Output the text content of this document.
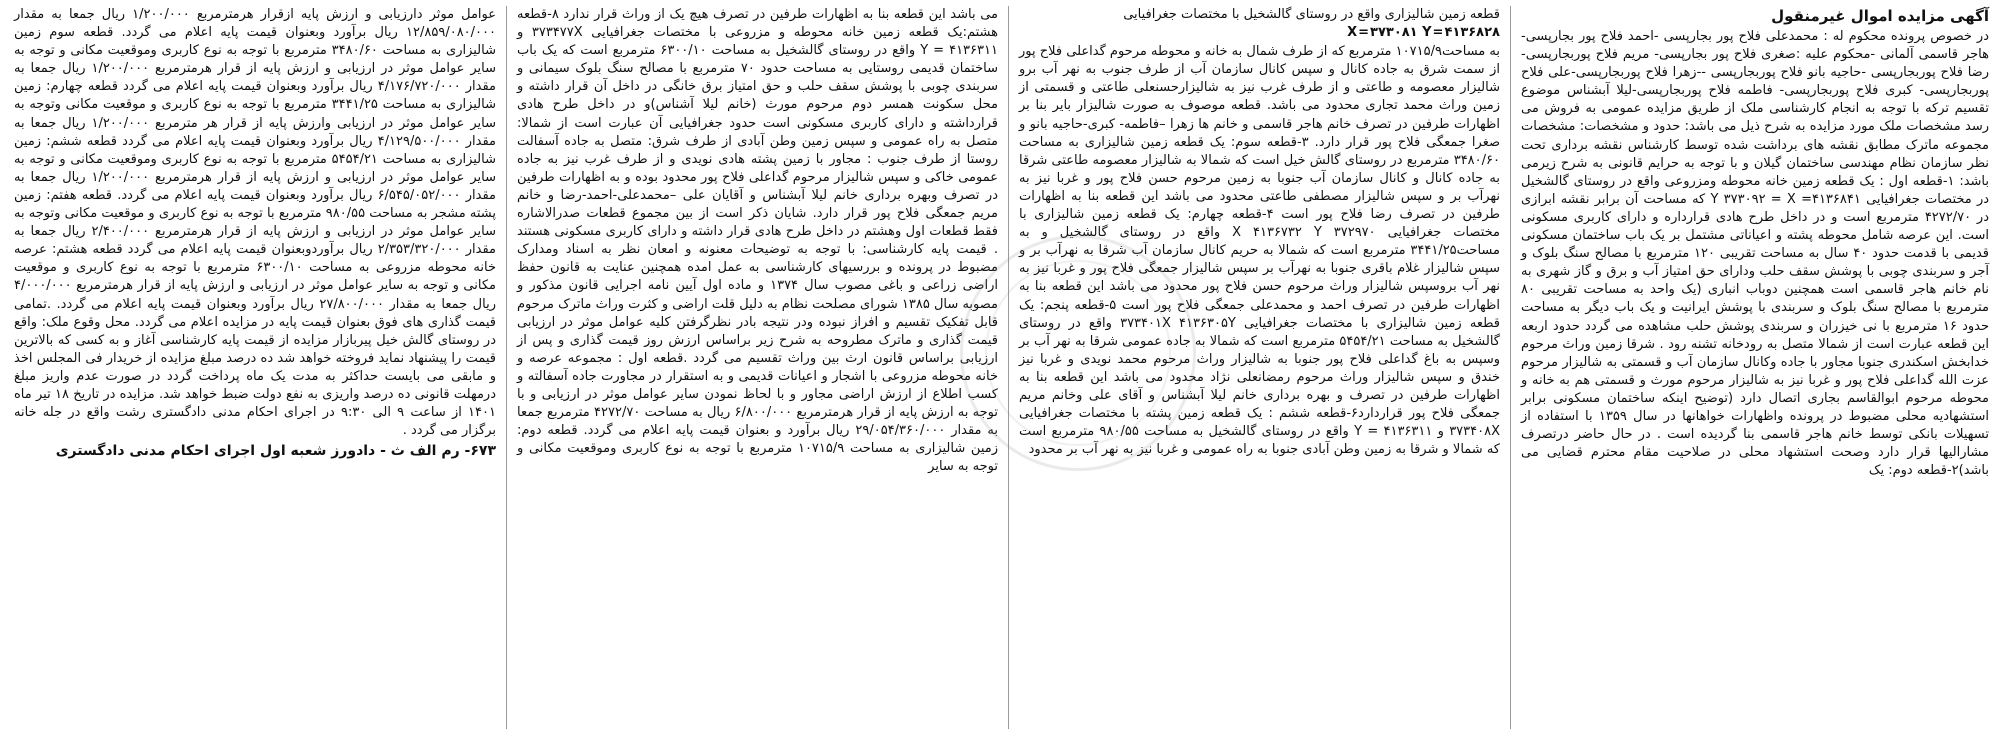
آگهی مزایده اموال غیرمنقول

در خصوص پرونده محکوم له : محمدعلی فلاح پور بجارپسی -احمد فلاح پور بجارپسی- هاجر قاسمی آلمانی -محکوم علیه :صغری فلاح پور بجارپسی- مریم فلاح پوربجارپسی-رضا فلاح پوربجارپسی -حاجیه بانو فلاح پوربجارپسی --زهرا فلاح پوربجارپسی-علی فلاح پوربجارپسی- کبری فلاح پوربجارپسی- فاطمه فلاح پوربجارپسی-لیلا آبشناس موضوع تقسیم ترکه با توجه به انجام کارشناسی ملک از طریق مزایده عمومی به فروش می رسد مشخصات ملک مورد مزایده به شرح ذیل می باشد: حدود و مشخصات: مشخصات مجموعه ماترک مطابق نقشه های برداشت شده توسط کارشناس نقشه برداری تحت نظر سازمان نظام مهندسی ساختمان گیلان و با توجه به حرایم قانونی به شرح زیرمی باشد: ۱-قطعه اول : یک قطعه زمین خانه محوطه ومزروعی واقع در روستای گالشخیل در مختصات جغرافیایی ۴۱۳۶۸۴۱= Y ۳۷۳۰۹۲ = X که مساحت آن برابر نقشه ابرازی در ۴۲۷۲/۷۰ مترمربع است و در داخل طرح هادی قرارداره و دارای کاربری مسکونی است. این عرصه شامل محوطه پشته و اعیاناتی مشتمل بر یک باب ساختمان مسکونی قدیمی با قدمت حدود ۴۰ سال به مساحت تقریبی ۱۲۰ مترمربع با مصالح سنگ بلوک و آجر و سربندی چوبی با پوشش سقف حلب ودارای حق امتیاز آب و برق و گاز شهری به نام خانم هاجر قاسمی است همچنین دوباب انباری (یک واحد به مساحت تقریبی ۸۰ مترمربع با مصالح سنگ بلوک و سربندی با پوشش ایرانیت و یک باب دیگر به مساحت حدود ۱۶ مترمربع با نی خیزران و سربندی پوشش حلب مشاهده می گردد حدود اربعه این قطعه عبارت است از شمالا متصل به رودخانه تشنه رود . شرقا زمین وراث مرحوم خدابخش اسکندری جنوبا مجاور با جاده وکانال سازمان آب و قسمتی به شالیزار مرحوم عزت الله گداعلی فلاح پور و غربا نیز به شالیزار مرحوم مورث و قسمتی هم به خانه و محوطه مرحوم ابوالقاسم بجاری اتصال دارد (توضیح اینکه ساختمان مسکونی برابر استشهادیه محلی مضبوط در پرونده واظهارات خواهانها در سال ۱۳۵۹ با استفاده از تسهیلات بانکی توسط خانم هاجر قاسمی بنا گردیده است . در حال حاضر درتصرف مشارالیها قرار دارد وصحت استشهاد محلی در صلاحیت مقام محترم قضایی می باشد)۲-قطعه دوم: یک

قطعه زمین شالیزاری واقع در روستای گالشخیل با مختصات جغرافیایی

X=۳۷۳۰۸۱ Y=۴۱۳۶۸۲۸

به مساحت۱۰۷۱۵/۹ مترمربع که از طرف شمال به خانه و محوطه مرحوم گداعلی فلاح پور از سمت شرق به جاده کانال و سپس کانال سازمان آب از طرف جنوب به نهر آب برو شالیزار معصومه و طاعتی و از طرف غرب نیز به شالیزارحسنعلی طاعتی و قسمتی از زمین وراث محمد تجاری محدود می باشد. قطعه موصوف به صورت شالیزار بایر بنا بر اظهارات طرفین در تصرف خانم هاجر قاسمی و خانم ها زهرا –فاطمه- کبری-حاجیه بانو و صغرا جمعگی فلاح پور قرار دارد. ۳-قطعه سوم: یک قطعه زمین شالیزاری به مساحت ۳۴۸۰/۶۰ مترمربع در روستای گالش خیل است که شمالا به شالیزار معصومه طاعتی شرقا به جاده کانال و کانال سازمان آب جنوبا به زمین مرحوم حسن فلاح پور و غربا نیز به نهرآب بر و سپس شالیزار مصطفی طاعتی محدود می باشد این قطعه بنا به اظهارات طرفین در تصرف رضا فلاح پور است ۴-قطعه چهارم: یک قطعه زمین شالیزاری با مختصات جغرافیایی ۳۷۲۹۷۰ X ۴۱۳۶۷۳۲ Y واقع در روستای گالشخیل و به مساحت۳۴۴۱/۲۵ مترمربع است که شمالا به حریم کانال سازمان آب شرقا به نهرآب بر و سپس شالیزار غلام باقری جنوبا به نهرآب بر سپس شالیزار جمعگی فلاح پور و غربا نیز به نهر آب بروسپس شالیزار وراث مرحوم حسن فلاح پور محدود می باشد این قطعه بنا به اظهارات طرفین در تصرف احمد و محمدعلی جمعگی فلاح پور است ۵-قطعه پنجم: یک قطعه زمین شالیزاری با مختصات جغرافیایی ۳۷۳۴۰۱X ۴۱۳۶۳۰۵Y واقع در روستای گالشخیل به مساحت ۵۴۵۴/۲۱ مترمربع است که شمالا به جاده عمومی شرقا به نهر آب بر وسپس به باغ گداعلی فلاح پور جنوبا به شالیزار وراث مرحوم محمد نویدی و غربا نیز خندق و سپس شالیزار وراث مرحوم رمضانعلی نژاد محدود می باشد این قطعه بنا به اظهارات طرفین در تصرف و بهره برداری خانم لیلا آبشناس و آقای علی وخانم مریم جمعگی فلاح پور قراردارد۶-قطعه ششم : یک قطعه زمین پشته با مختصات جغرافیایی ۳۷۳۴۰۸X و ۴۱۳۶۳۱۱ = Y واقع در روستای گالشخیل به مساحت ۹۸۰/۵۵ مترمربع است که شمالا و شرقا به زمین وطن آبادی جنوبا به راه عمومی و غربا نیز به نهر آب بر محدود

می باشد این قطعه بنا به اظهارات طرفین در تصرف هیچ یک از وراث قرار ندارد ۸-قطعه هشتم:یک قطعه زمین خانه محوطه و مزروعی با مختصات جغرافیایی ۳۷۳۴۷۷X و ۴۱۳۶۳۱۱ = Y واقع در روستای گالشخیل به مساحت ۶۳۰۰/۱۰ مترمربع است که یک باب ساختمان قدیمی روستایی به مساحت حدود ۷۰ مترمربع با مصالح سنگ بلوک سیمانی و سربندی چوبی با پوشش سقف حلب و حق امتیاز برق خانگی در داخل آن قرار داشته و محل سکونت همسر دوم مرحوم مورث (خانم لیلا آشناس)و در داخل طرح هادی قرارداشته و دارای کاربری مسکونی است حدود جغرافیایی آن عبارت است از شمالا: متصل به راه عمومی و سپس زمین وطن آبادی از طرف شرق: متصل به جاده آسفالت روستا از طرف جنوب : مجاور با زمین پشته هادی نویدی و از طرف غرب نیز به جاده عمومی خاکی و سپس شالیزار مرحوم گداعلی فلاح پور محدود بوده و به اظهارات طرفین در تصرف وبهره برداری خانم لیلا آبشناس و آقایان علی –محمدعلی-احمد-رضا و خانم مریم جمعگی فلاح پور قرار دارد. شایان ذکر است از بین مجموع قطعات صدرالاشاره فقط قطعات اول وهشتم در داخل طرح هادی قرار داشته و دارای کاربری مسکونی هستند . قیمت پایه کارشناسی: با توجه به توضیحات معنونه و امعان نظر به اسناد ومدارک مضبوط در پرونده و بررسیهای کارشناسی به عمل امده همچنین عنایت به قانون حفظ اراضی زراعی و باغی مصوب سال ۱۳۷۴ و ماده اول آیین نامه اجرایی قانون مذکور و مصوبه سال ۱۳۸۵ شورای مصلحت نظام به دلیل قلت اراضی و کثرت وراث ماترک مرحوم قابل تفکیک تقسیم و افراز نبوده ودر نتیجه بادر نظرگرفتن کلیه عوامل موثر در ارزیابی قیمت گذاری و ماترک مطروحه به شرح زیر براساس ارزش روز قیمت گذاری و پس از ارزیابی براساس قانون ارث بین وراث تقسیم می گردد .قطعه اول : مجموعه عرصه و خانه محوطه مزروعی با اشجار و اعیانات قدیمی و به استقرار در مجاورت جاده آسفالته و کسب اطلاع از ارزش اراضی مجاور و با لحاظ نمودن سایر عوامل موثر در ارزیابی و با توجه به ارزش پایه از قرار هرمترمربع ۶/۸۰۰/۰۰۰ ریال به مساحت ۴۲۷۲/۷۰ مترمربع جمعا به مقدار ۲۹/۰۵۴/۳۶۰/۰۰۰ ریال برآورد و بعنوان قیمت پایه اعلام می گردد. قطعه دوم: زمین شالیزاری به مساحت ۱۰۷۱۵/۹ مترمربع با توجه به نوع کاربری وموقعیت مکانی و توجه به سایر

عوامل موثر دارزیابی و ارزش پایه ازقرار هرمترمربع ۱/۲۰۰/۰۰۰ ریال جمعا به مقدار ۱۲/۸۵۹/۰۸۰/۰۰۰ ریال برآورد وبعنوان قیمت پایه اعلام می گردد. قطعه سوم زمین شالیزاری به مساحت ۳۴۸۰/۶۰ مترمربع با توجه به نوع کاربری وموقعیت مکانی و توجه به سایر عوامل موثر در ارزیابی و ارزش پایه از قرار هرمترمربع ۱/۲۰۰/۰۰۰ ریال جمعا به مقدار ۴/۱۷۶/۷۲۰/۰۰۰ ریال برآورد وبعنوان قیمت پایه اعلام می گردد قطعه چهارم: زمین شالیزاری به مساحت ۳۴۴۱/۲۵ مترمربع با توجه به نوع کاربری و موقعیت مکانی وتوجه به سایر عوامل موثر در ارزیابی وارزش پایه از قرار هر مترمربع ۱/۲۰۰/۰۰۰ ریال جمعا به مقدار ۴/۱۲۹/۵۰۰/۰۰۰ ریال برآورد وبعنوان قیمت پایه اعلام می گردد قطعه ششم: زمین شالیزاری به مساحت ۵۴۵۴/۲۱ مترمربع با توجه به نوع کاربری وموقعیت مکانی و توجه به سایر عوامل موثر در ارزیابی و ارزش پایه از قرار هرمترمربع ۱/۲۰۰/۰۰۰ ریال جمعا به مقدار ۶/۵۴۵/۰۵۲/۰۰۰ ریال برآورد وبعنوان قیمت پایه اعلام می گردد. قطعه هفتم: زمین پشته مشجر به مساحت ۹۸۰/۵۵ مترمربع با توجه به نوع کاربری و موقعیت مکانی وتوجه به سایر عوامل موثر در ارزیابی و ارزش پایه از قرار هرمترمربع ۲/۴۰۰/۰۰۰ ریال جمعا به مقدار ۲/۳۵۳/۳۲۰/۰۰۰ ریال برآوردوبعنوان قیمت پایه اعلام می گردد قطعه هشتم: عرصه خانه محوطه مزروعی به مساحت ۶۳۰۰/۱۰ مترمربع با توجه به نوع کاربری و موقعیت مکانی و توجه به سایر عوامل موثر در ارزیابی و ارزش پایه از قرار هرمترمربع ۴/۰۰۰/۰۰۰ ریال جمعا به مقدار ۲۷/۸۰۰/۰۰۰ ریال برآورد وبعنوان قیمت پایه اعلام می گردد. .تمامی قیمت گذاری های فوق بعنوان قیمت پایه در مزایده اعلام می گردد. محل وقوع ملک: واقع در روستای گالش خیل پیربازار مزایده از قیمت پایه کارشناسی آغاز و به کسی که بالاترین قیمت را پیشنهاد نماید فروخته خواهد شد ده درصد مبلغ مزایده از خریدار فی المجلس اخذ و مابقی می بایست حداکثر به مدت یک ماه پرداخت گردد در صورت عدم واریز مبلغ درمهلت قانونی ده درصد واریزی به نفع دولت ضبط خواهد شد. مزایده در تاریخ ۱۸ تیر ماه ۱۴۰۱ از ساعت ۹ الی ۹:۳۰ در اجرای احکام مدنی دادگستری رشت واقع در جله خانه برگزار می گردد .

۶۷۳- رم الف ث - دادورز شعبه اول اجرای احکام مدنی دادگستری
